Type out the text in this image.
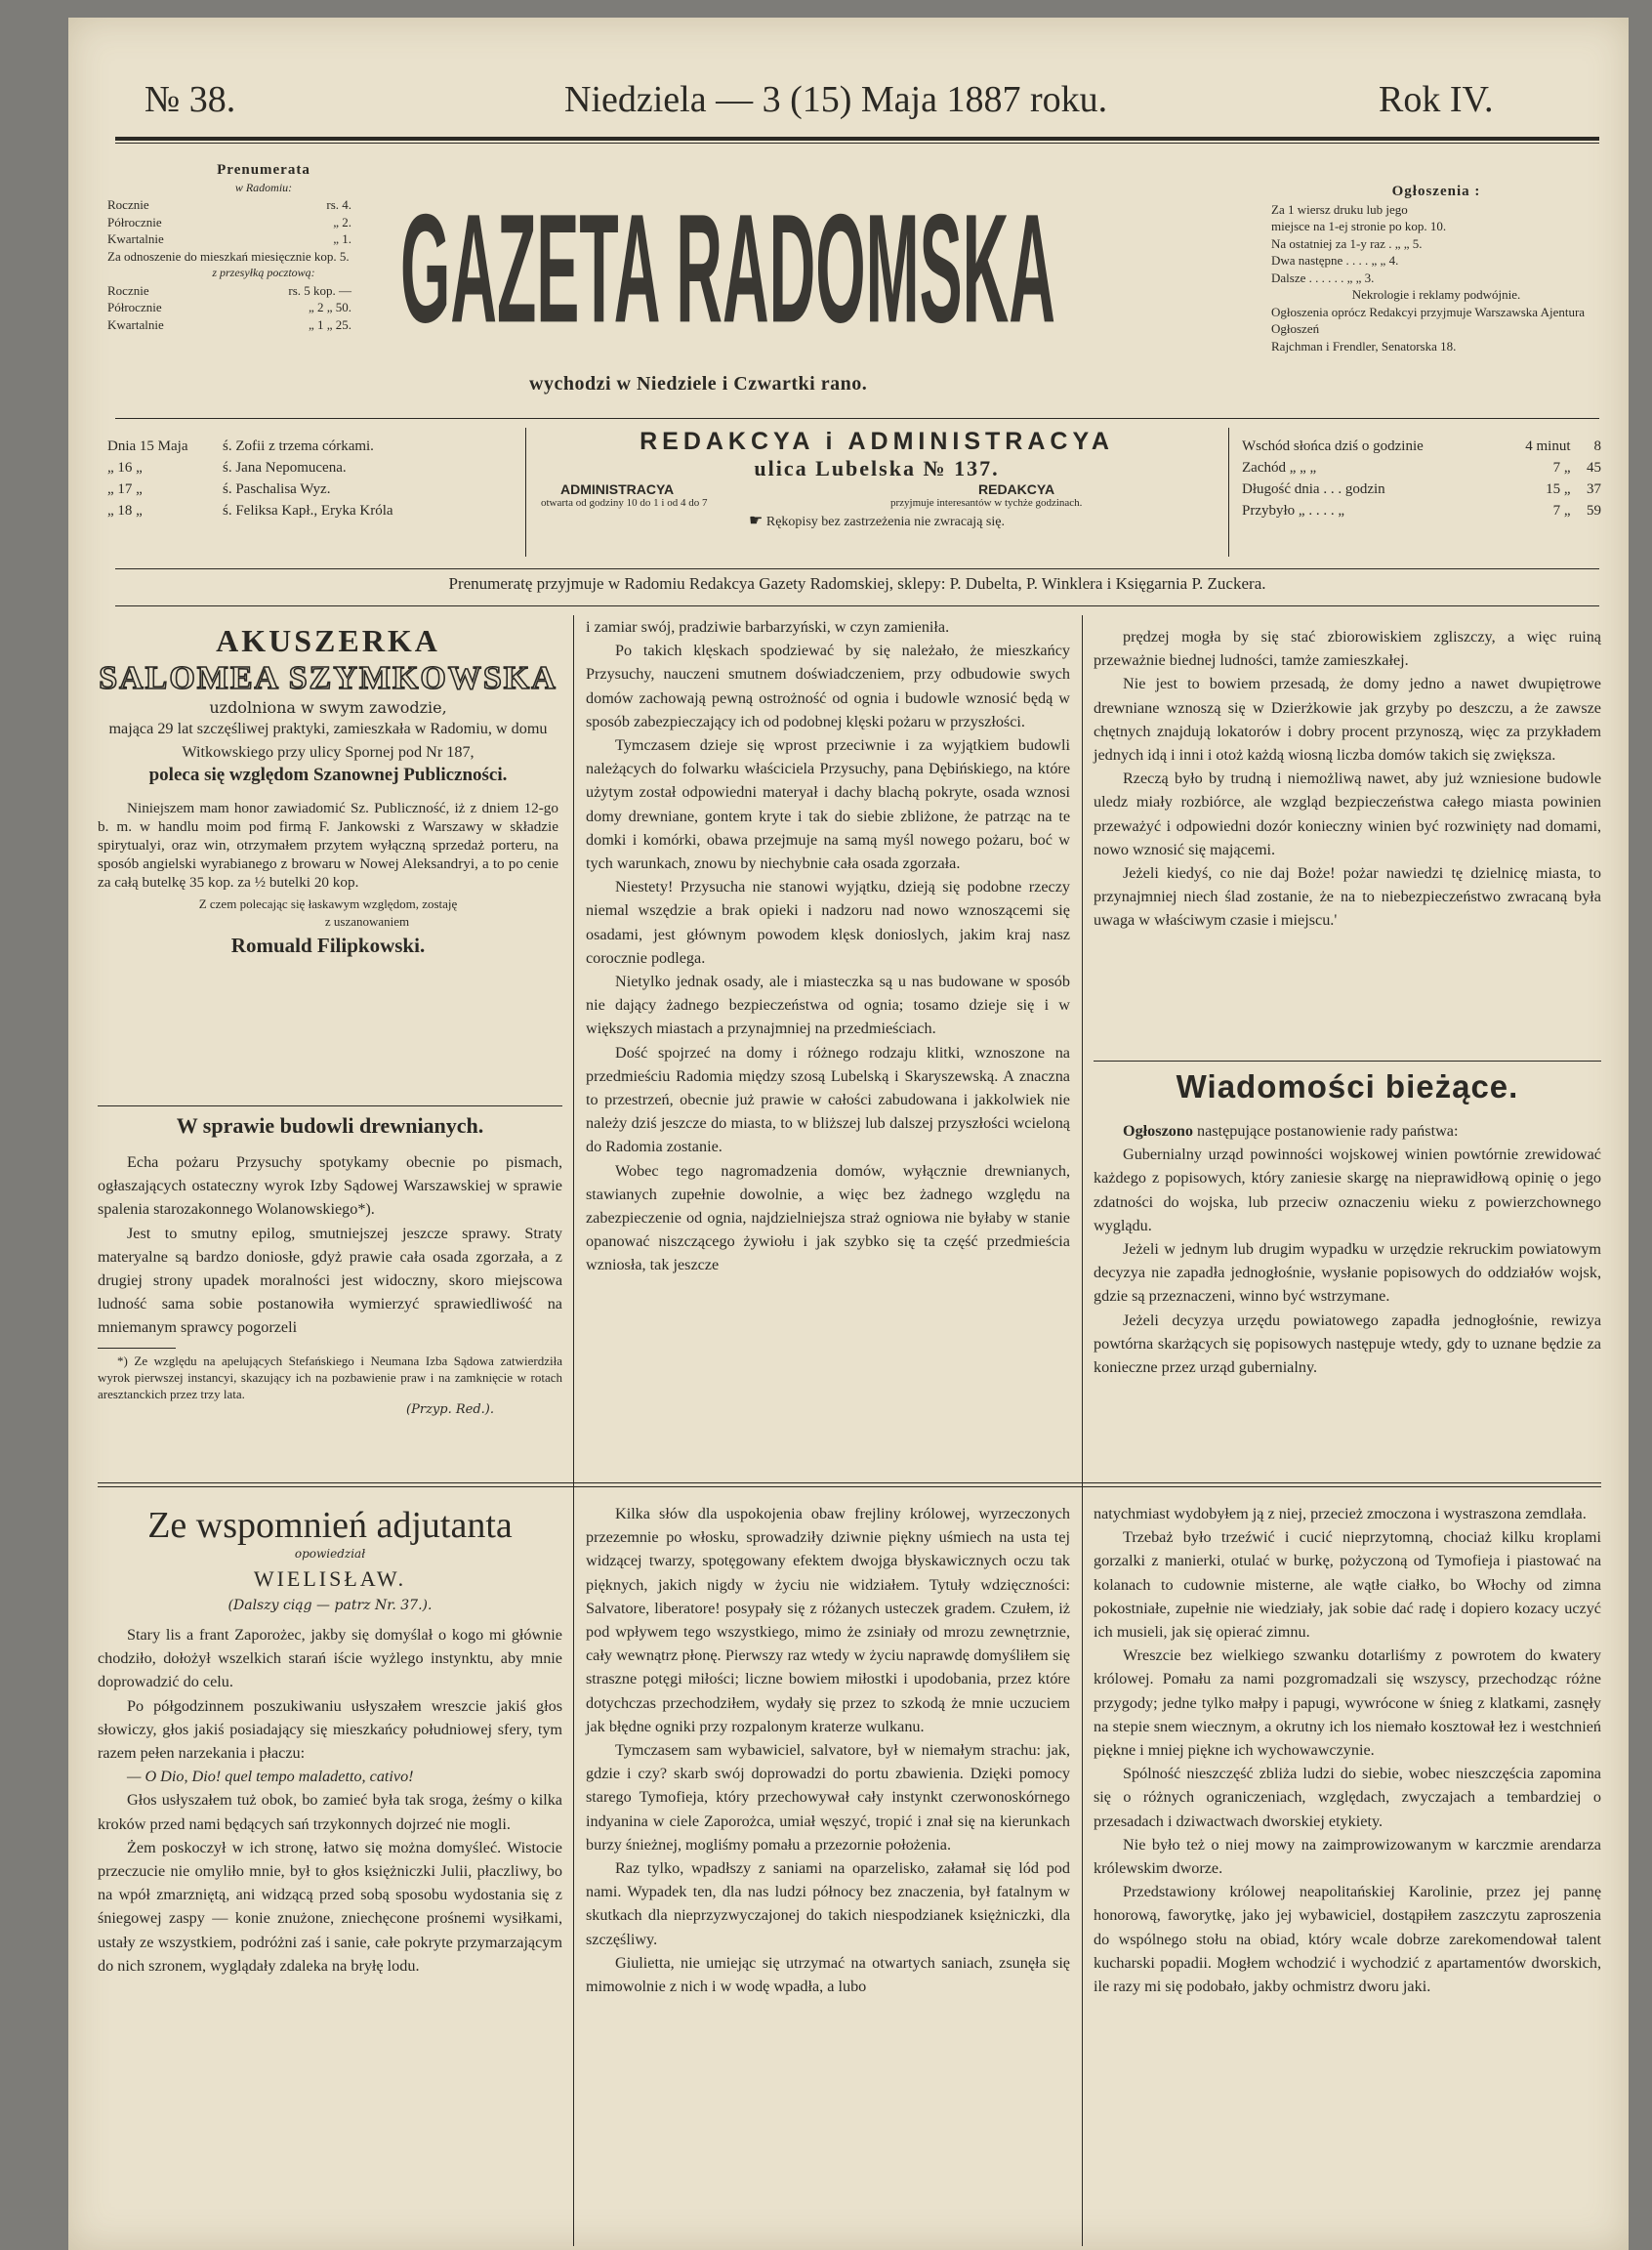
№ 38.	Niedziela — 3 (15) Maja 1887 roku.	Rok IV.
Prenumerata
w Radomiu:
Rocznie	rs. 4.
Półrocznie	„ 2.
Kwartalnie	„ 1.
Za odnoszenie do mieszkań miesięcznie kop. 5.
z przesyłką pocztową:
Rocznie	rs. 5 kop. —
Półrocznie	„ 2 „ 50.
Kwartalnie	„ 1 „ 25. GAZETA RADOMSKA
wychodzi w Niedziele i Czwartki rano.
Ogłoszenia :
Za 1 wiersz druku lub jego
miejsce na 1-ej stronie po kop. 10.
Na ostatniej za 1-y raz . „ „ 5.
Dwa następne . . . . „ „ 4.
Dalsze . . . . . . „ „ 3.
Nekrologie i reklamy podwójnie.
Ogłoszenia oprócz Redakcyi przyjmuje Warszawska Ajentura Ogłoszeń
Rajchman i Frendler, Senatorska 18.
Dnia 15 Maja	ś. Zofii z trzema córkami.
„ 16 „	ś. Jana Nepomucena.
„ 17 „	ś. Paschalisa Wyz.
„ 18 „	ś. Feliksa Kapł., Eryka Króla
REDAKCYA i ADMINISTRACYA
ulica Lubelska № 137.
ADMINISTRACYA
otwarta od godziny 10 do 1 i od 4 do 7
REDAKCYA
przyjmuje interesantów w tychże godzinach.
☛ Rękopisy bez zastrzeżenia nie zwracają się.
Wschód słońca dziś o godzinie	4 minut	8
Zachód „ „ „	7 „	45
Długość dnia . . . godzin	15 „	37
Przybyło „ . . . . „	7 „	59
Prenumeratę przyjmuje w Radomiu Redakcya Gazety Radomskiej, sklepy: P. Dubelta, P. Winklera i Księgarnia P. Zuckera.
AKUSZERKA
SALOMEA SZYMKOWSKA
uzdolniona w swym zawodzie,

mająca 29 lat szczęśliwej praktyki, zamieszkała w Radomiu, w domu Witkowskiego przy ulicy Spornej pod Nr 187,

poleca się względom Szanownej Publiczności.

Niniejszem mam honor zawiadomić Sz. Publiczność, iż z dniem 12-go b. m. w handlu moim pod firmą F. Jankowski z Warszawy w składzie spirytualyi, oraz win, otrzymałem przytem wyłączną sprzedaż porteru, na sposób angielski wyrabianego z browaru w Nowej Aleksandryi, a to po cenie za całą butelkę 35 kop. za ½ butelki 20 kop.

Z czem polecając się łaskawym względom, zostaję
z uszanowaniem
Romuald Filipkowski.
W sprawie budowli drewnianych.

Echa pożaru Przysuchy spotykamy obecnie po pismach, ogłaszających ostateczny wyrok Izby Sądowej Warszawskiej w sprawie spalenia starozakonnego Wolanowskiego*).

Jest to smutny epilog, smutniejszej jeszcze sprawy. Straty materyalne są bardzo doniosłe, gdyż prawie cała osada zgorzała, a z drugiej strony upadek moralności jest widoczny, skoro miejscowa ludność sama sobie postanowiła wymierzyć sprawiedliwość na mniemanym sprawcy pogorzeli

*) Ze względu na apelujących Stefańskiego i Neumana Izba Sądowa zatwierdziła wyrok pierwszej instancyi, skazujący ich na pozbawienie praw i na zamknięcie w rotach aresztanckich przez trzy lata.

(Przyp. Red.).

i zamiar swój, pradziwie barbarzyński, w czyn zamieniła.

Po takich klęskach spodziewać by się należało, że mieszkańcy Przysuchy, nauczeni smutnem doświadczeniem, przy odbudowie swych domów zachowają pewną ostrożność od ognia i budowle wznosić będą w sposób zabezpieczający ich od podobnej klęski pożaru w przyszłości.

Tymczasem dzieje się wprost przeciwnie i za wyjątkiem budowli należących do folwarku właściciela Przysuchy, pana Dębińskiego, na które użytym został odpowiedni materyał i dachy blachą pokryte, osada wznosi domy drewniane, gontem kryte i tak do siebie zbliżone, że patrząc na te domki i komórki, obawa przejmuje na samą myśl nowego pożaru, boć w tych warunkach, znowu by niechybnie cała osada zgorzała.

Niestety! Przysucha nie stanowi wyjątku, dzieją się podobne rzeczy niemal wszędzie a brak opieki i nadzoru nad nowo wznoszącemi się osadami, jest głównym powodem klęsk donioslych, jakim kraj nasz corocznie podlega.

Nietylko jednak osady, ale i miasteczka są u nas budowane w sposób nie dający żadnego bezpieczeństwa od ognia; tosamo dzieje się i w większych miastach a przynajmniej na przedmieściach.

Dość spojrzeć na domy i różnego rodzaju klitki, wznoszone na przedmieściu Radomia między szosą Lubelską i Skaryszewską. A znaczna to przestrzeń, obecnie już prawie w całości zabudowana i jakkolwiek nie należy dziś jeszcze do miasta, to w bliższej lub dalszej przyszłości wcieloną do Radomia zostanie.

Wobec tego nagromadzenia domów, wyłącznie drewnianych, stawianych zupełnie dowolnie, a więc bez żadnego względu na zabezpieczenie od ognia, najdzielniejsza straż ogniowa nie byłaby w stanie opanować niszczącego żywiołu i jak szybko się ta część przedmieścia wzniosła, tak jeszcze

prędzej mogła by się stać zbiorowiskiem zgliszczy, a więc ruiną przeważnie biednej ludności, tamże zamieszkałej.

Nie jest to bowiem przesadą, że domy jedno a nawet dwupiętrowe drewniane wznoszą się w Dzierżkowie jak grzyby po deszczu, a że zawsze chętnych znajdują lokatorów i dobry procent przynoszą, więc za przykładem jednych idą i inni i otoż każdą wiosną liczba domów takich się zwiększa.

Rzeczą było by trudną i niemożliwą nawet, aby już wzniesione budowle uledz miały rozbiórce, ale wzgląd bezpieczeństwa całego miasta powinien przeważyć i odpowiedni dozór konieczny winien być rozwinięty nad domami, nowo wznosić się mającemi.

Jeżeli kiedyś, co nie daj Boże! pożar nawiedzi tę dzielnicę miasta, to przynajmniej niech ślad zostanie, że na to niebezpieczeństwo zwracaną była uwaga w właściwym czasie i miejscu.'

Wiadomości bieżące.

Ogłoszono następujące postanowienie rady państwa:

Gubernialny urząd powinności wojskowej winien powtórnie zrewidować każdego z popisowych, który zaniesie skargę na nieprawidłową opinię o jego zdatności do wojska, lub przeciw oznaczeniu wieku z powierzchownego wyglądu.

Jeżeli w jednym lub drugim wypadku w urzędzie rekruckim powiatowym decyzya nie zapadła jednogłośnie, wysłanie popisowych do oddziałów wojsk, gdzie są przeznaczeni, winno być wstrzymane.

Jeżeli decyzya urzędu powiatowego zapadła jednogłośnie, rewizya powtórna skarżących się popisowych następuje wtedy, gdy to uznane będzie za konieczne przez urząd gubernialny.

Ze wspomnień adjutanta
opowiedział
WIELISŁAW.
(Dalszy ciąg — patrz Nr. 37.).

Stary lis a frant Zaporożec, jakby się domyślał o kogo mi głównie chodziło, dołożył wszelkich starań iście wyżlego instynktu, aby mnie doprowadzić do celu.

Po półgodzinnem poszukiwaniu usłyszałem wreszcie jakiś głos słowiczy, głos jakiś posiadający się mieszkańcy południowej sfery, tym razem pełen narzekania i płaczu:

— O Dio, Dio! quel tempo maladetto, cativo!

Głos usłyszałem tuż obok, bo zamieć była tak sroga, żeśmy o kilka kroków przed nami będących sań trzykonnych dojrzeć nie mogli.

Żem poskoczył w ich stronę, łatwo się można domyśleć. Wistocie przeczucie nie omyliło mnie, był to głos księżniczki Julii, płaczliwy, bo na wpół zmarzniętą, ani widzącą przed sobą sposobu wydostania się z śniegowej zaspy — konie znużone, zniechęcone prośnemi wysiłkami, ustały ze wszystkiem, podróżni zaś i sanie, całe pokryte przymarzającym do nich szronem, wyglądały zdaleka na bryłę lodu.

Kilka słów dla uspokojenia obaw frejliny królowej, wyrzeczonych przezemnie po włosku, sprowadziły dziwnie piękny uśmiech na usta tej widzącej twarzy, spotęgowany efektem dwojga błyskawicznych oczu tak pięknych, jakich nigdy w życiu nie widziałem. Tytuły wdzięczności: Salvatore, liberatore! posypały się z różanych usteczek gradem. Czułem, iż pod wpływem tego wszystkiego, mimo że zsiniały od mrozu zewnętrznie, cały wewnątrz płonę. Pierwszy raz wtedy w życiu naprawdę domyśliłem się straszne potęgi miłości; liczne bowiem miłostki i upodobania, przez które dotychczas przechodziłem, wydały się przez to szkodą że mnie uczuciem jak błędne ogniki przy rozpalonym kraterze wulkanu.

Tymczasem sam wybawiciel, salvatore, był w niemałym strachu: jak, gdzie i czy? skarb swój doprowadzi do portu zbawienia. Dzięki pomocy starego Tymofieja, który przechowywał cały instynkt czerwonoskórnego indyanina w ciele Zaporożca, umiał węszyć, tropić i znał się na kierunkach burzy śnieżnej, mogliśmy pomału a przezornie położenia.

Raz tylko, wpadłszy z saniami na oparzelisko, załamał się lód pod nami. Wypadek ten, dla nas ludzi północy bez znaczenia, był fatalnym w skutkach dla nieprzyzwyczajonej do takich niespodzianek księżniczki, dla szczęśliwy.

Giulietta, nie umiejąc się utrzymać na otwartych saniach, zsunęła się mimowolnie z nich i w wodę wpadła, a lubo

natychmiast wydobyłem ją z niej, przecież zmoczona i wystraszona zemdlała.

Trzebaż było trzeźwić i cucić nieprzytomną, chociaż kilku kroplami gorzalki z manierki, otulać w burkę, pożyczoną od Tymofieja i piastować na kolanach to cudownie misterne, ale wątłe ciałko, bo Włochy od zimna pokostniałe, zupełnie nie wiedziały, jak sobie dać radę i dopiero kozacy uczyć ich musieli, jak się opierać zimnu.

Wreszcie bez wielkiego szwanku dotarliśmy z powrotem do kwatery królowej. Pomału za nami pozgromadzali się wszyscy, przechodząc różne przygody; jedne tylko małpy i papugi, wywrócone w śnieg z klatkami, zasnęły na stepie snem wiecznym, a okrutny ich los niemało kosztował łez i westchnień piękne i mniej piękne ich wychowawczynie.

Spólność nieszczęść zbliża ludzi do siebie, wobec nieszczęścia zapomina się o różnych ograniczeniach, względach, zwyczajach a tembardziej o przesadach i dziwactwach dworskiej etykiety.

Nie było też o niej mowy na zaimprowizowanym w karczmie arendarza królewskim dworze.

Przedstawiony królowej neapolitańskiej Karolinie, przez jej pannę honorową, faworytkę, jako jej wybawiciel, dostąpiłem zaszczytu zaproszenia do wspólnego stołu na obiad, który wcale dobrze zarekomendował talent kucharski popadii. Mogłem wchodzić i wychodzić z apartamentów dworskich, ile razy mi się podobało, jakby ochmistrz dworu jaki.
